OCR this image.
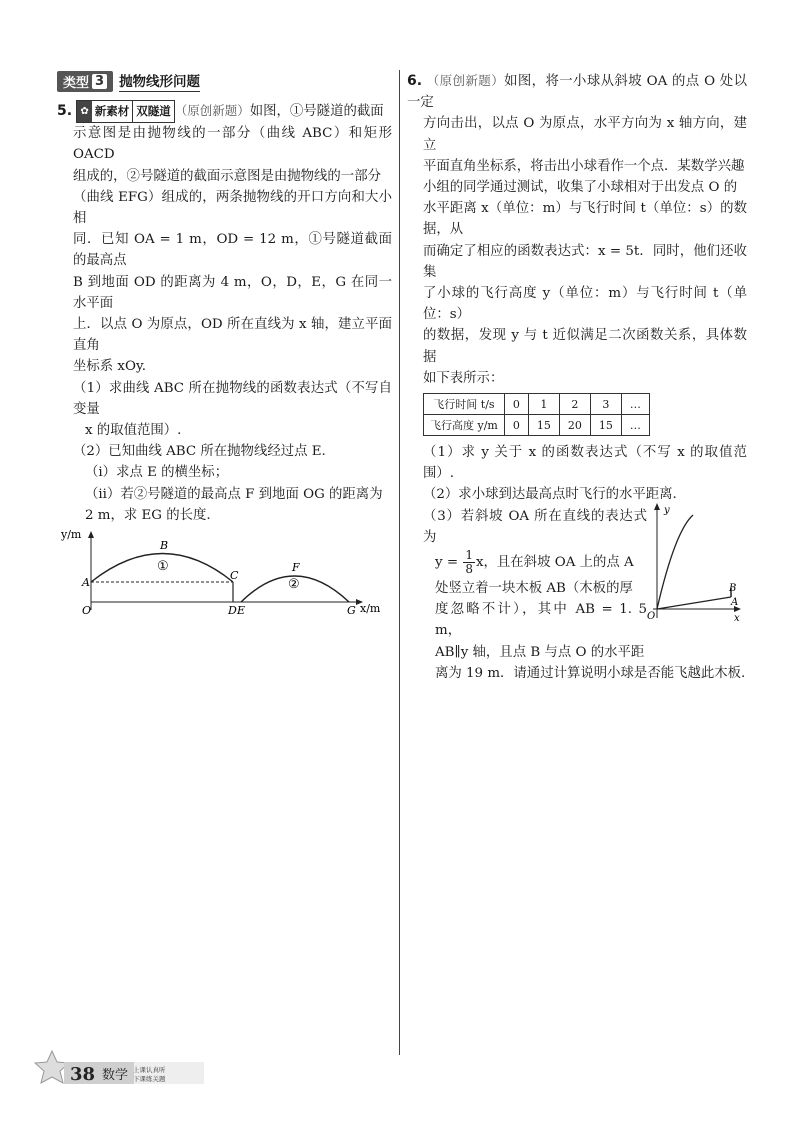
类型 3 抛物线形问题

5. ✿ 新素材 双隧道 （原创新题）如图，①号隧道的截面

示意图是由抛物线的一部分（曲线 ABC）和矩形 OACD

组成的，②号隧道的截面示意图是由抛物线的一部分

（曲线 EFG）组成的，两条抛物线的开口方向和大小相

同．已知 OA = 1 m，OD = 12 m，①号隧道截面的最高点

B 到地面 OD 的距离为 4 m，O，D，E，G 在同一水平面

上．以点 O 为原点，OD 所在直线为 x 轴，建立平面直角

坐标系 xOy.

（1）求曲线 ABC 所在抛物线的函数表达式（不写自变量

x 的取值范围）.

（2）已知曲线 ABC 所在抛物线经过点 E.

（i）求点 E 的横坐标；

（ii）若②号隧道的最高点 F 到地面 OG 的距离为

2 m，求 EG 的长度.

y/m
x/m
A
B
C
O	D E
F
G
①
②

6. （原创新题）如图，将一小球从斜坡 OA 的点 O 处以一定

方向击出，以点 O 为原点，水平方向为 x 轴方向，建立

平面直角坐标系，将击出小球看作一个点．某数学兴趣

小组的同学通过测试，收集了小球相对于出发点 O 的

水平距离 x（单位：m）与飞行时间 t（单位：s）的数据，从

而确定了相应的函数表达式：x = 5t．同时，他们还收集

了小球的飞行高度 y（单位：m）与飞行时间 t（单位：s）

的数据，发现 y 与 t 近似满足二次函数关系，具体数据

如下表所示：

飞行时间 t/s	0	1	2	3	…
飞行高度 y/m	0	15	20	15	…

（1）求 y 关于 x 的函数表达式（不写 x 的取值范围）.

（2）求小球到达最高点时飞行的水平距离.

（3）若斜坡 OA 所在直线的表达式为

$y = \frac{1}{8}$ x，且在斜坡 OA 上的点 A

处竖立着一块木板 AB（木板的厚

度忽略不计），其中 AB = 1. 5 m，

AB∥y 轴，且点 B 与点 O 的水平距

y
x
O
A
B

离为 19 m．请通过计算说明小球是否能飞越此木板.

38 数学 上课认真听
下课练关题
